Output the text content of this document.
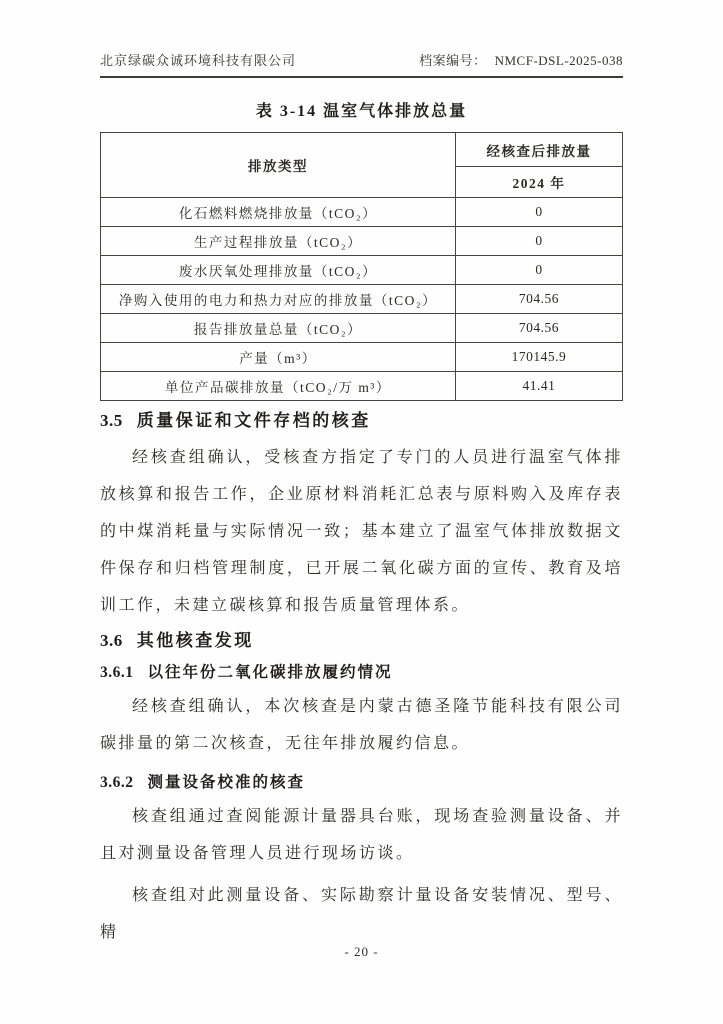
北京绿碳众诚环境科技有限公司	档案编号： NMCF-DSL-2025-038
表 3-14 温室气体排放总量
排放类型	经核查后排放量
	2024 年
化石燃料燃烧排放量（tCO₂）	0
生产过程排放量（tCO₂）	0
废水厌氧处理排放量（tCO₂）	0
净购入使用的电力和热力对应的排放量（tCO₂）	704.56
报告排放量总量（tCO₂）	704.56
产量（m³）	170145.9
单位产品碳排放量（tCO₂/万 m³）	41.41
3.5 质量保证和文件存档的核查

经核查组确认，受核查方指定了专门的人员进行温室气体排放核算和报告工作，企业原材料消耗汇总表与原料购入及库存表的中煤消耗量与实际情况一致；基本建立了温室气体排放数据文件保存和归档管理制度，已开展二氧化碳方面的宣传、教育及培训工作，未建立碳核算和报告质量管理体系。

3.6 其他核查发现
3.6.1 以往年份二氧化碳排放履约情况

经核查组确认，本次核查是内蒙古德圣隆节能科技有限公司碳排量的第二次核查，无往年排放履约信息。

3.6.2 测量设备校准的核查

核查组通过查阅能源计量器具台账，现场查验测量设备、并且对测量设备管理人员进行现场访谈。

核查组对此测量设备、实际勘察计量设备安装情况、型号、精

- 20 -
